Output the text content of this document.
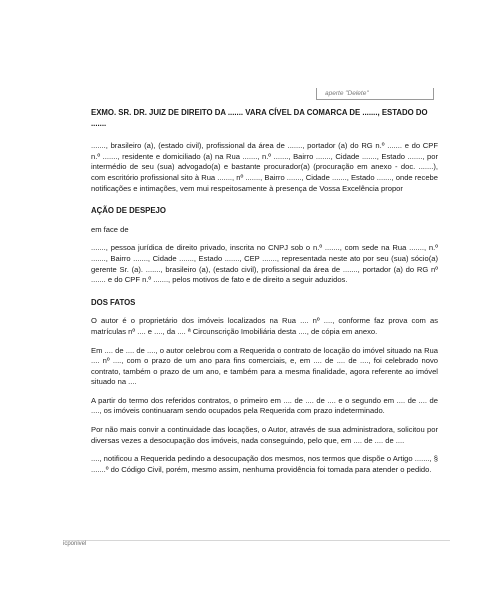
aperte "Delete"

EXMO. SR. DR. JUIZ DE DIREITO DA ....... VARA CÍVEL DA COMARCA DE ......., ESTADO DO .......

......., brasileiro (a), (estado civil), profissional da área de ......., portador (a) do RG n.º ....... e do CPF n.º ......., residente e domiciliado (a) na Rua ......., n.º ......., Bairro ......., Cidade ......., Estado ......., por intermédio de seu (sua) advogado(a) e bastante procurador(a) (procuração em anexo - doc. .......), com escritório profissional sito à Rua ......., nº ......., Bairro ......., Cidade ......., Estado ......., onde recebe notificações e intimações, vem mui respeitosamente à presença de Vossa Excelência propor

AÇÃO DE DESPEJO

em face de

......., pessoa jurídica de direito privado, inscrita no CNPJ sob o n.º ......., com sede na Rua ......., n.º ......., Bairro ......., Cidade ......., Estado ......., CEP ......., representada neste ato por seu (sua) sócio(a) gerente Sr. (a). ......., brasileiro (a), (estado civil), profissional da área de ......., portador (a) do RG nº ....... e do CPF n.º ......., pelos motivos de fato e de direito a seguir aduzidos.

DOS FATOS

O autor é o proprietário dos imóveis localizados na Rua .... nº ...., conforme faz prova com as matrículas nº .... e ...., da .... ª Circunscrição Imobiliária desta ...., de cópia em anexo.

Em .... de .... de ...., o autor celebrou com a Requerida o contrato de locação do imóvel situado na Rua .... nº ...., com o prazo de um ano para fins comerciais, e, em .... de .... de ...., foi celebrado novo contrato, também o prazo de um ano, e também para a mesma finalidade, agora referente ao imóvel situado na ....

A partir do termo dos referidos contratos, o primeiro em .... de .... de .... e o segundo em .... de .... de ...., os imóveis continuaram sendo ocupados pela Requerida com prazo indeterminado.

Por não mais convir a continuidade das locações, o Autor, através de sua administradora, solicitou por diversas vezes a desocupação dos imóveis, nada conseguindo, pelo que, em .... de .... de ....

...., notificou a Requerida pedindo a desocupação dos mesmos, nos termos que dispõe o Artigo ......., § .......º do Código Civil, porém, mesmo assim, nenhuma providência foi tomada para atender o pedido.

icponivel
